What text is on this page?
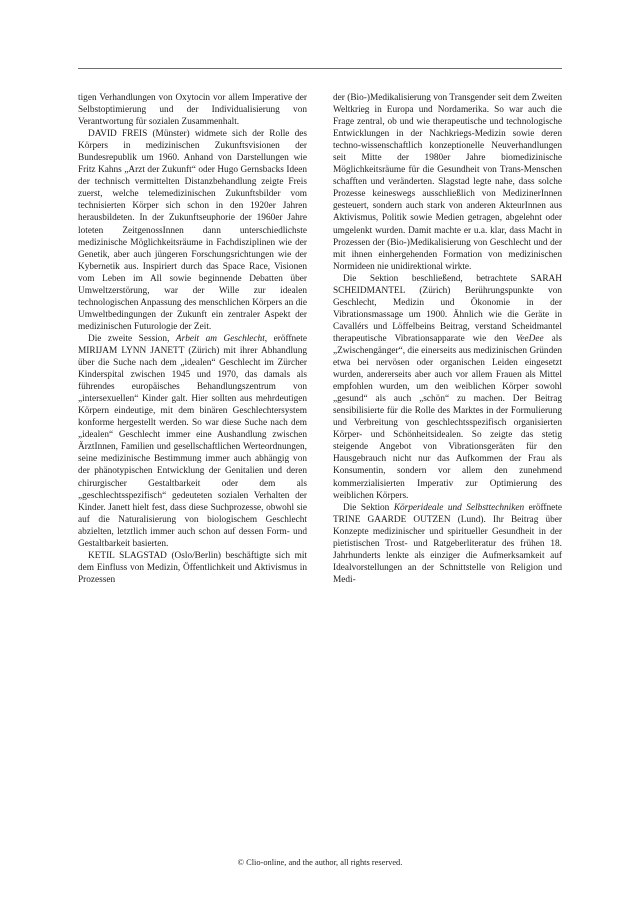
tigen Verhandlungen von Oxytocin vor allem Imperative der Selbstoptimierung und der Individualisierung von Verantwortung für sozialen Zusammenhalt.

DAVID FREIS (Münster) widmete sich der Rolle des Körpers in medizinischen Zukunftsvisionen der Bundesrepublik um 1960. Anhand von Darstellungen wie Fritz Kahns „Arzt der Zukunft“ oder Hugo Gernsbacks Ideen der technisch vermittelten Distanzbehandlung zeigte Freis zuerst, welche telemedizinischen Zukunftsbilder vom technisierten Körper sich schon in den 1920er Jahren herausbildeten. In der Zukunftseuphorie der 1960er Jahre loteten ZeitgenossInnen dann unterschiedlichste medizinische Möglichkeitsräume in Fachdisziplinen wie der Genetik, aber auch jüngeren Forschungsrichtungen wie der Kybernetik aus. Inspiriert durch das Space Race, Visionen vom Leben im All sowie beginnende Debatten über Umweltzerstörung, war der Wille zur idealen technologischen Anpassung des menschlichen Körpers an die Umweltbedingungen der Zukunft ein zentraler Aspekt der medizinischen Futurologie der Zeit.

Die zweite Session, Arbeit am Geschlecht, eröffnete MIRIJAM LYNN JANETT (Zürich) mit ihrer Abhandlung über die Suche nach dem „idealen“ Geschlecht im Zürcher Kinderspital zwischen 1945 und 1970, das damals als führendes europäisches Behandlungszentrum von „intersexuellen“ Kinder galt. Hier sollten aus mehrdeutigen Körpern eindeutige, mit dem binären Geschlechtersystem konforme hergestellt werden. So war diese Suche nach dem „idealen“ Geschlecht immer eine Aushandlung zwischen ÄrztInnen, Familien und gesellschaftlichen Werteordnungen, seine medizinische Bestimmung immer auch abhängig von der phänotypischen Entwicklung der Genitalien und deren chirurgischer Gestaltbarkeit oder dem als „geschlechtsspezifisch“ gedeuteten sozialen Verhalten der Kinder. Janett hielt fest, dass diese Suchprozesse, obwohl sie auf die Naturalisierung von biologischem Geschlecht abzielten, letztlich immer auch schon auf dessen Form- und Gestaltbarkeit basierten.

KETIL SLAGSTAD (Oslo/Berlin) beschäftigte sich mit dem Einfluss von Medizin, Öffentlichkeit und Aktivismus in Prozessen

der (Bio-)Medikalisierung von Transgender seit dem Zweiten Weltkrieg in Europa und Nordamerika. So war auch die Frage zentral, ob und wie therapeutische und technologische Entwicklungen in der Nachkriegs-Medizin sowie deren techno-wissenschaftlich konzeptionelle Neuverhandlungen seit Mitte der 1980er Jahre biomedizinische Möglichkeitsräume für die Gesundheit von Trans-Menschen schafften und veränderten. Slagstad legte nahe, dass solche Prozesse keineswegs ausschließlich von MedizinerInnen gesteuert, sondern auch stark von anderen AkteurInnen aus Aktivismus, Politik sowie Medien getragen, abgelehnt oder umgelenkt wurden. Damit machte er u.a. klar, dass Macht in Prozessen der (Bio-)Medikalisierung von Geschlecht und der mit ihnen einhergehenden Formation von medizinischen Normideen nie unidirektional wirkte.

Die Sektion beschließend, betrachtete SARAH SCHEIDMANTEL (Zürich) Berührungspunkte von Geschlecht, Medizin und Ökonomie in der Vibrationsmassage um 1900. Ähnlich wie die Geräte in Cavallérs und Löffelbeins Beitrag, verstand Scheidmantel therapeutische Vibrationsapparate wie den VeeDee als „Zwischengänger“, die einerseits aus medizinischen Gründen etwa bei nervösen oder organischen Leiden eingesetzt wurden, andererseits aber auch vor allem Frauen als Mittel empfohlen wurden, um den weiblichen Körper sowohl „gesund“ als auch „schön“ zu machen. Der Beitrag sensibilisierte für die Rolle des Marktes in der Formulierung und Verbreitung von geschlechtsspezifisch organisierten Körper- und Schönheitsidealen. So zeigte das stetig steigende Angebot von Vibrationsgeräten für den Hausgebrauch nicht nur das Aufkommen der Frau als Konsumentin, sondern vor allem den zunehmend kommerzialisierten Imperativ zur Optimierung des weiblichen Körpers.

Die Sektion Körperideale und Selbsttechniken eröffnete TRINE GAARDE OUTZEN (Lund). Ihr Beitrag über Konzepte medizinischer und spiritueller Gesundheit in der pietistischen Trost- und Ratgeberliteratur des frühen 18. Jahrhunderts lenkte als einziger die Aufmerksamkeit auf Idealvorstellungen an der Schnittstelle von Religion und Medi-

© Clio-online, and the author, all rights reserved.
